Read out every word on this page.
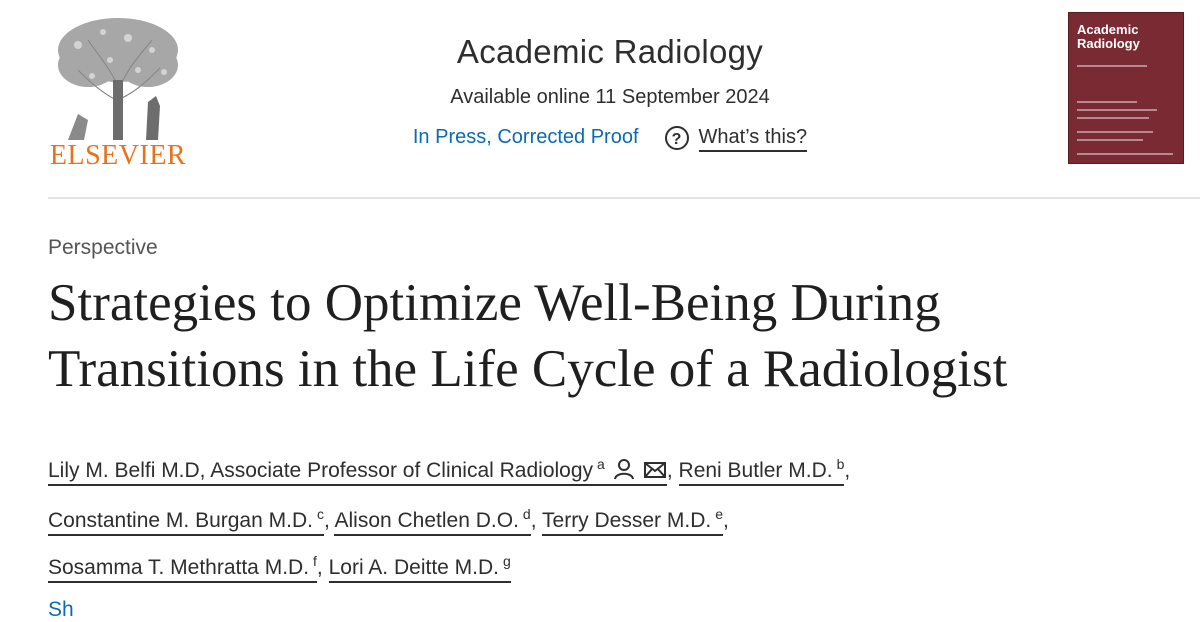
ELSEVIER
Academic Radiology
Available online 11 September 2024
In Press, Corrected Proof	? What’s this?
Academic Radiology
Perspective
Strategies to Optimize Well-Being During Transitions in the Life Cycle of a Radiologist
Lily M. Belfi M.D, Associate Professor of Clinical Radiology $^a$	, Reni Butler M.D. $^b$,
Constantine M. Burgan M.D. $^c$, Alison Chetlen D.O. $^d$, Terry Desser M.D. $^e$,
Sosamma T. Methratta M.D. $^f$, Lori A. Deitte M.D. $^g$
Sh
